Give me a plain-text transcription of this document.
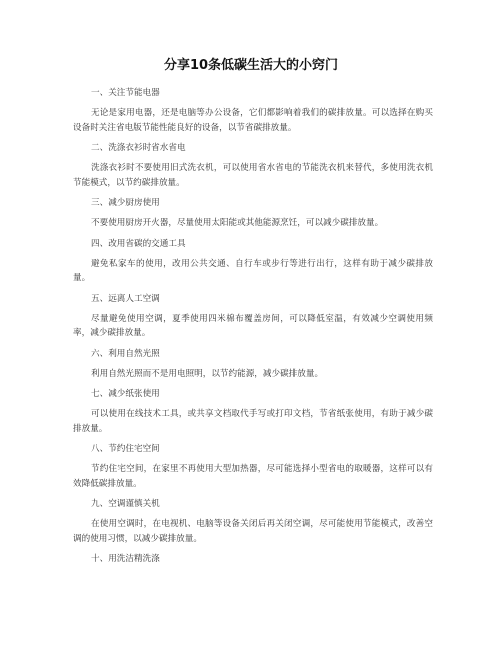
分享10条低碳生活大的小窍门
一、关注节能电器
无论是家用电器，还是电脑等办公设备，它们都影响着我们的碳排放量。可以选择在购买设备时关注省电版节能性能良好的设备，以节省碳排放量。
二、洗涤衣衫时省水省电
洗涤衣衫时不要使用旧式洗衣机，可以使用省水省电的节能洗衣机来替代，多使用洗衣机节能模式，以节约碳排放量。
三、减少厨房使用
不要使用厨房开火器，尽量使用太阳能或其他能源烹饪，可以减少碳排放量。
四、改用省碳的交通工具
避免私家车的使用，改用公共交通、自行车或步行等进行出行，这样有助于减少碳排放量。
五、远离人工空调
尽量避免使用空调，夏季使用四米棉布覆盖房间，可以降低室温，有效减少空调使用频率，减少碳排放量。
六、利用自然光照
利用自然光照而不是用电照明，以节约能源，减少碳排放量。
七、减少纸张使用
可以使用在线技术工具，或共享文档取代手写或打印文档，节省纸张使用，有助于减少碳排放量。
八、节约住宅空间
节约住宅空间，在家里不再使用大型加热器，尽可能选择小型省电的取暖器，这样可以有效降低碳排放量。
九、空调谨慎关机
在使用空调时，在电视机、电脑等设备关闭后再关闭空调，尽可能使用节能模式，改善空调的使用习惯，以减少碳排放量。
十、用洗洁精洗涤
